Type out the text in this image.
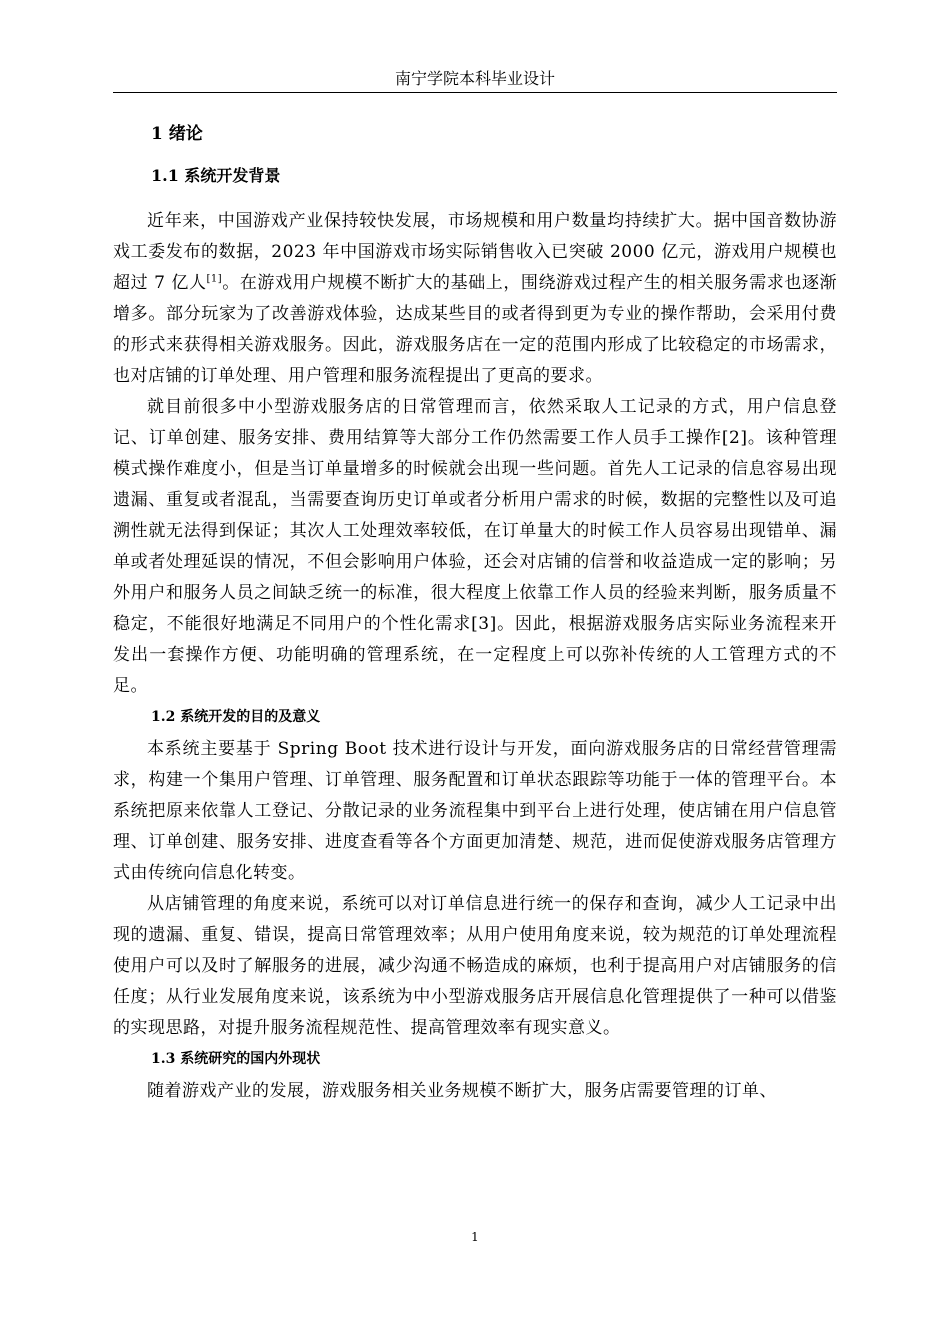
南宁学院本科毕业设计
1 绪论
1.1 系统开发背景

近年来，中国游戏产业保持较快发展，市场规模和用户数量均持续扩大。据中国音数协游戏工委发布的数据，2023 年中国游戏市场实际销售收入已突破 2000 亿元，游戏用户规模也超过 7 亿人[1]。在游戏用户规模不断扩大的基础上，围绕游戏过程产生的相关服务需求也逐渐增多。部分玩家为了改善游戏体验，达成某些目的或者得到更为专业的操作帮助，会采用付费的形式来获得相关游戏服务。因此，游戏服务店在一定的范围内形成了比较稳定的市场需求，也对店铺的订单处理、用户管理和服务流程提出了更高的要求。

就目前很多中小型游戏服务店的日常管理而言，依然采取人工记录的方式，用户信息登记、订单创建、服务安排、费用结算等大部分工作仍然需要工作人员手工操作[2]。该种管理模式操作难度小，但是当订单量增多的时候就会出现一些问题。首先人工记录的信息容易出现遗漏、重复或者混乱，当需要查询历史订单或者分析用户需求的时候，数据的完整性以及可追溯性就无法得到保证；其次人工处理效率较低，在订单量大的时候工作人员容易出现错单、漏单或者处理延误的情况，不但会影响用户体验，还会对店铺的信誉和收益造成一定的影响；另外用户和服务人员之间缺乏统一的标准，很大程度上依靠工作人员的经验来判断，服务质量不稳定，不能很好地满足不同用户的个性化需求[3]。因此，根据游戏服务店实际业务流程来开发出一套操作方便、功能明确的管理系统，在一定程度上可以弥补传统的人工管理方式的不足。

1.2 系统开发的目的及意义

本系统主要基于 Spring Boot 技术进行设计与开发，面向游戏服务店的日常经营管理需求，构建一个集用户管理、订单管理、服务配置和订单状态跟踪等功能于一体的管理平台。本系统把原来依靠人工登记、分散记录的业务流程集中到平台上进行处理，使店铺在用户信息管理、订单创建、服务安排、进度查看等各个方面更加清楚、规范，进而促使游戏服务店管理方式由传统向信息化转变。

从店铺管理的角度来说，系统可以对订单信息进行统一的保存和查询，减少人工记录中出现的遗漏、重复、错误，提高日常管理效率；从用户使用角度来说，较为规范的订单处理流程使用户可以及时了解服务的进展，减少沟通不畅造成的麻烦，也利于提高用户对店铺服务的信任度；从行业发展角度来说，该系统为中小型游戏服务店开展信息化管理提供了一种可以借鉴的实现思路，对提升服务流程规范性、提高管理效率有现实意义。

1.3 系统研究的国内外现状

随着游戏产业的发展，游戏服务相关业务规模不断扩大，服务店需要管理的订单、

1
